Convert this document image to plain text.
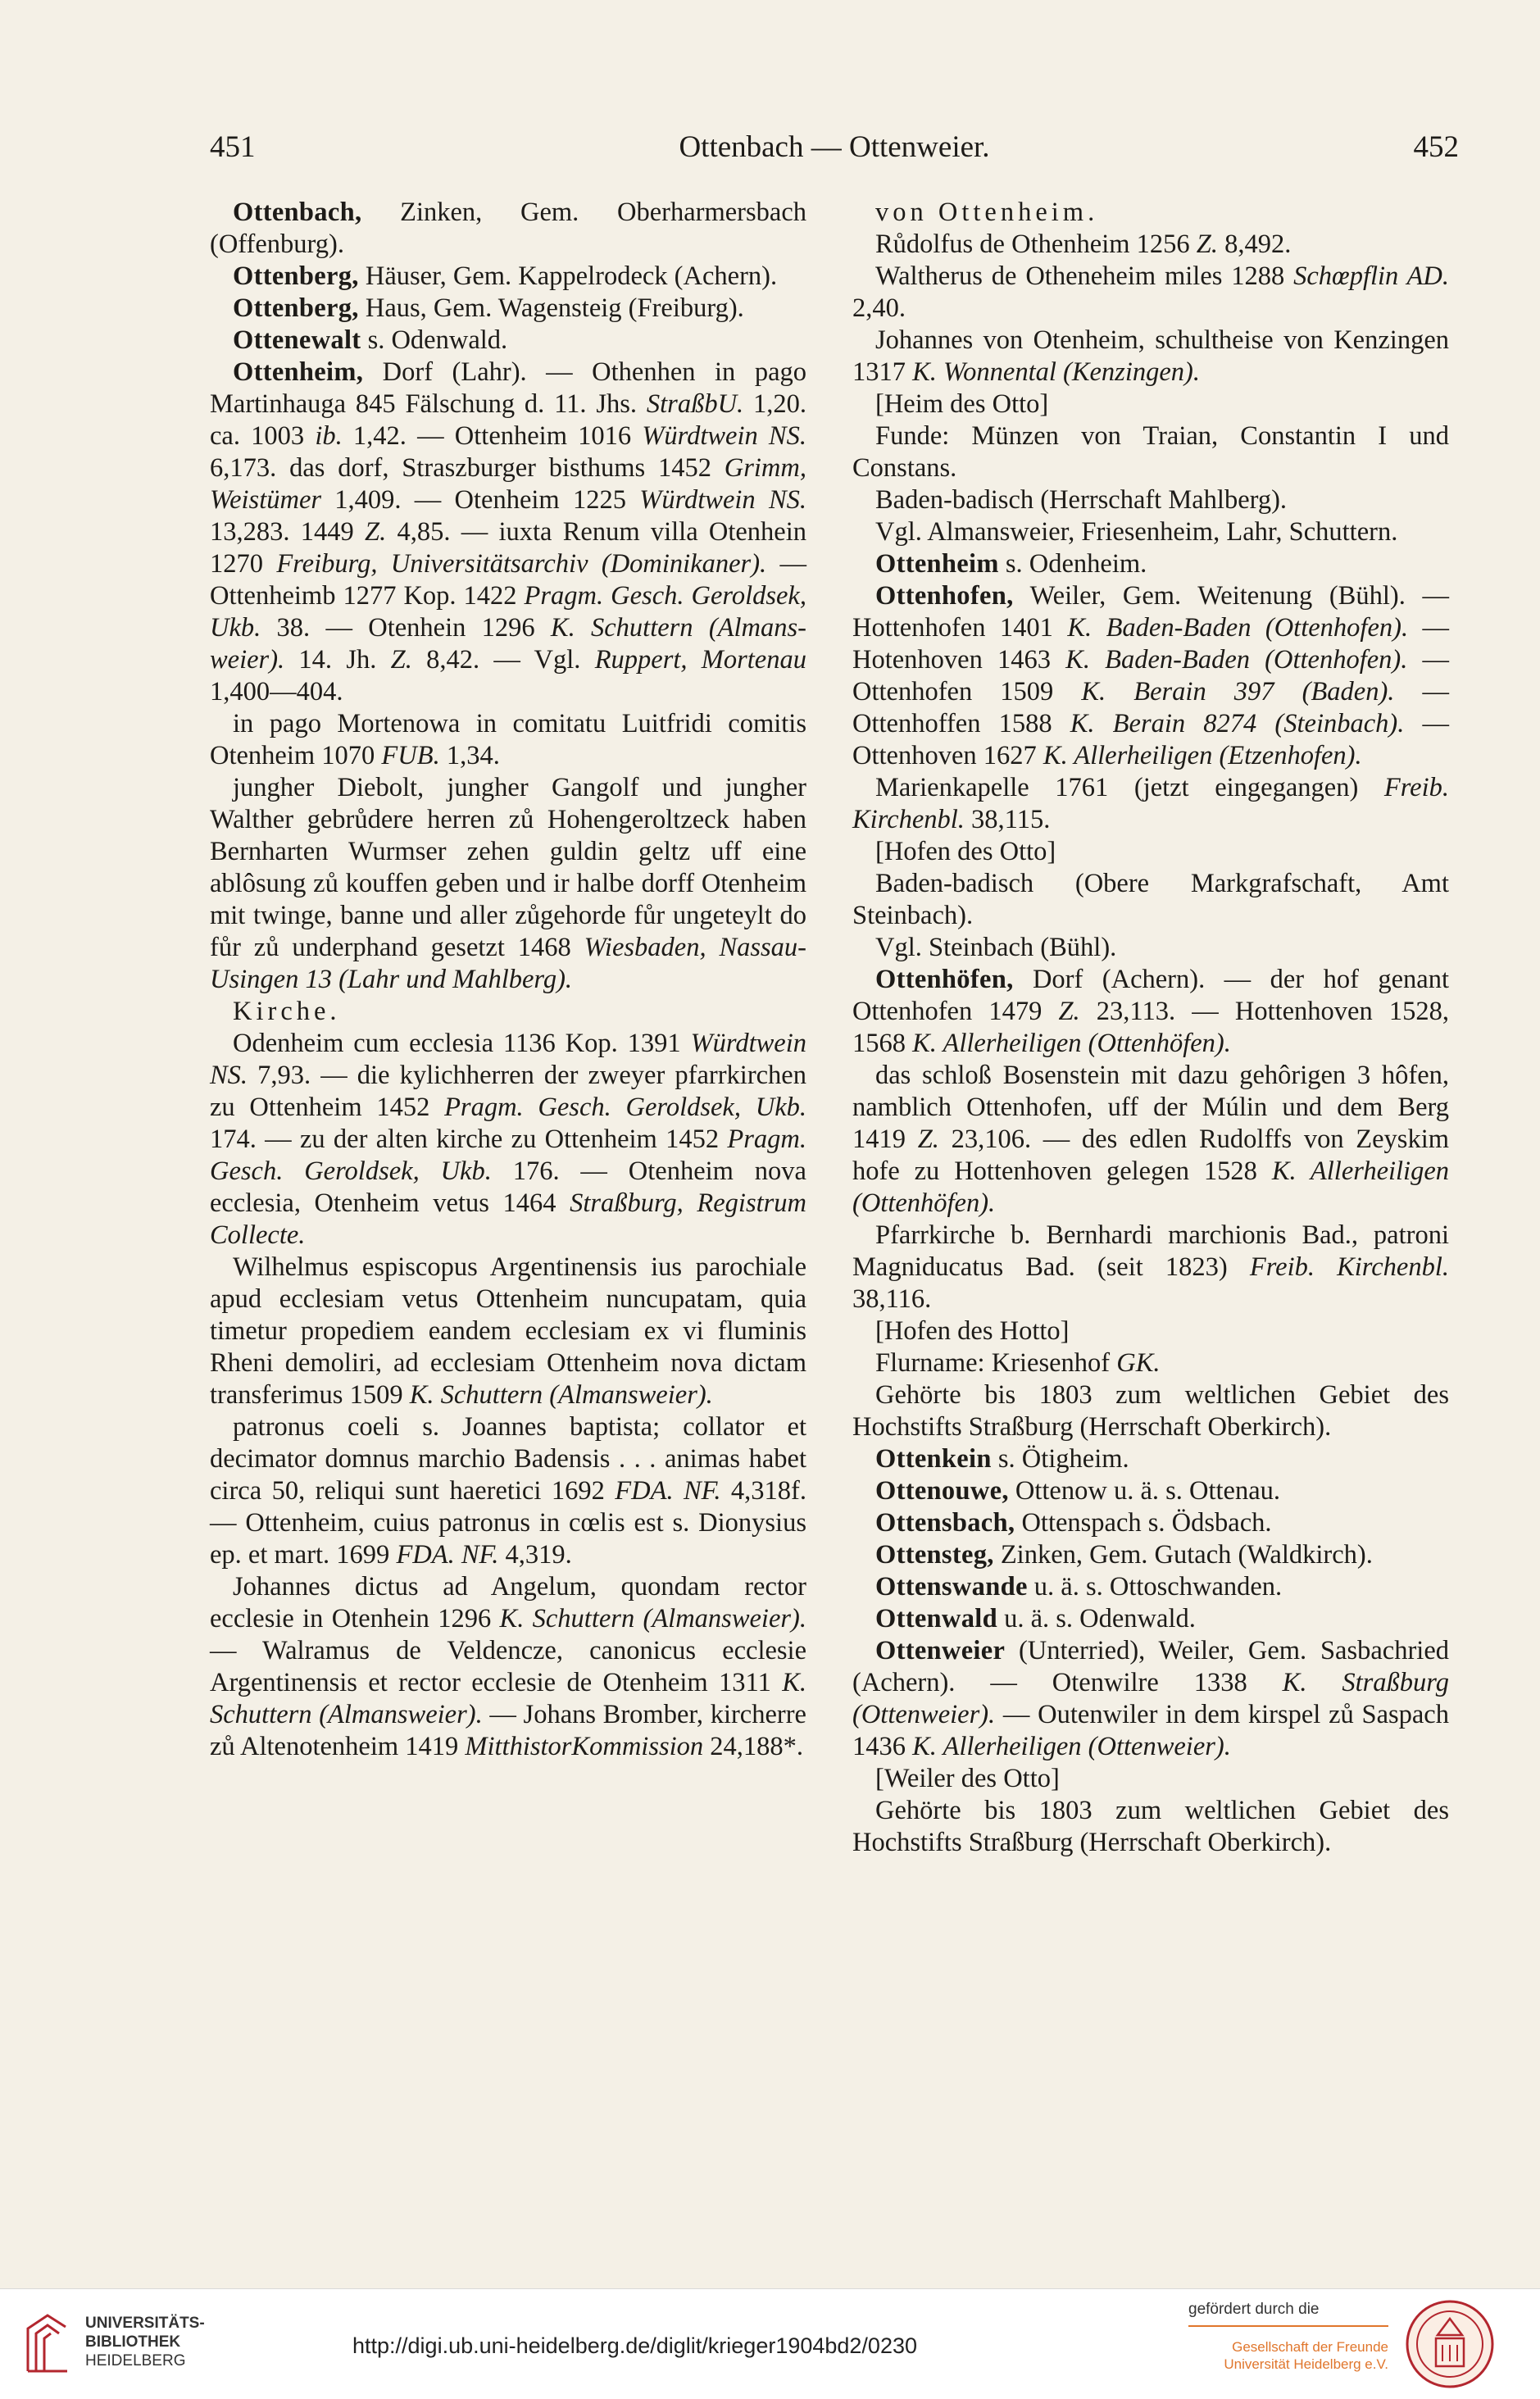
451	Ottenbach — Ottenweier.	452

Ottenbach, Zinken, Gem. Oberharmersbach (Offenburg).

Ottenberg, Häuser, Gem. Kappelrodeck (Achern).

Ottenberg, Haus, Gem. Wagensteig (Freiburg).

Ottenewalt s. Odenwald.

Ottenheim, Dorf (Lahr). — Othenhen in pago Martinhauga 845 Fälschung d. 11. Jhs. StraßbU. 1,20. ca. 1003 ib. 1,42. — Ottenheim 1016 Würdtwein NS. 6,173. das dorf, Straszburger bisthums 1452 Grimm, Weistümer 1,409. — Otenheim 1225 Würdtwein NS. 13,283. 1449 Z. 4,85. — iuxta Renum villa Otenhein 1270 Freiburg, Universitätsarchiv (Dominikaner). — Ottenheimb 1277 Kop. 1422 Pragm. Gesch. Geroldsek, Ukb. 38. — Otenhein 1296 K. Schuttern (Almansweier). 14. Jh. Z. 8,42. — Vgl. Ruppert, Mortenau 1,400—404.

in pago Mortenowa in comitatu Luitfridi comitis Otenheim 1070 FUB. 1,34.

jungher Diebolt, jungher Gangolf und jungher Walther gebrůdere herren zů Hohengeroltzeck haben Bernharten Wurmser zehen guldin geltz uff eine ablôsung zů kouffen geben und ir halbe dorff Otenheim mit twinge, banne und aller zůgehorde fůr ungeteylt do fůr zů underphand gesetzt 1468 Wiesbaden, Nassau-Usingen 13 (Lahr und Mahlberg).

Kirche.

Odenheim cum ecclesia 1136 Kop. 1391 Würdtwein NS. 7,93. — die kylichherren der zweyer pfarrkirchen zu Ottenheim 1452 Pragm. Gesch. Geroldsek, Ukb. 174. — zu der alten kirche zu Ottenheim 1452 Pragm. Gesch. Geroldsek, Ukb. 176. — Otenheim nova ecclesia, Otenheim vetus 1464 Straßburg, Registrum Collecte.

Wilhelmus espiscopus Argentinensis ius parochiale apud ecclesiam vetus Ottenheim nuncupatam, quia timetur propediem eandem ecclesiam ex vi fluminis Rheni demoliri, ad ecclesiam Ottenheim nova dictam transferimus 1509 K. Schuttern (Almansweier).

patronus coeli s. Joannes baptista; collator et decimator domnus marchio Badensis . . . animas habet circa 50, reliqui sunt haeretici 1692 FDA. NF. 4,318f. — Ottenheim, cuius patronus in cœlis est s. Dionysius ep. et mart. 1699 FDA. NF. 4,319.

Johannes dictus ad Angelum, quondam rector ecclesie in Otenhein 1296 K. Schuttern (Almansweier). — Walramus de Veldencze, canonicus ecclesie Argentinensis et rector ecclesie de Otenheim 1311 K. Schuttern (Almansweier). — Johans Bromber, kircherre zů Altenotenheim 1419 MitthistorKommission 24,188*.

von Ottenheim.

Růdolfus de Othenheim 1256 Z. 8,492.

Waltherus de Otheneheim miles 1288 Schœpflin AD. 2,40.

Johannes von Otenheim, schultheise von Kenzingen 1317 K. Wonnental (Kenzingen).

[Heim des Otto]

Funde: Münzen von Traian, Constantin I und Constans.

Baden-badisch (Herrschaft Mahlberg).

Vgl. Almansweier, Friesenheim, Lahr, Schuttern.

Ottenheim s. Odenheim.

Ottenhofen, Weiler, Gem. Weitenung (Bühl). — Hottenhofen 1401 K. Baden-Baden (Ottenhofen). — Hotenhoven 1463 K. Baden-Baden (Ottenhofen). — Ottenhofen 1509 K. Berain 397 (Baden). — Ottenhoffen 1588 K. Berain 8274 (Steinbach). — Ottenhoven 1627 K. Allerheiligen (Etzenhofen).

Marienkapelle 1761 (jetzt eingegangen) Freib. Kirchenbl. 38,115.

[Hofen des Otto]

Baden-badisch (Obere Markgrafschaft, Amt Steinbach).

Vgl. Steinbach (Bühl).

Ottenhöfen, Dorf (Achern). — der hof genant Ottenhofen 1479 Z. 23,113. — Hottenhoven 1528, 1568 K. Allerheiligen (Ottenhöfen).

das schloß Bosenstein mit dazu gehôrigen 3 hôfen, namblich Ottenhofen, uff der Múlin und dem Berg 1419 Z. 23,106. — des edlen Rudolffs von Zeyskim hofe zu Hottenhoven gelegen 1528 K. Allerheiligen (Ottenhöfen).

Pfarrkirche b. Bernhardi marchionis Bad., patroni Magniducatus Bad. (seit 1823) Freib. Kirchenbl. 38,116.

[Hofen des Hotto]

Flurname: Kriesenhof GK.

Gehörte bis 1803 zum weltlichen Gebiet des Hochstifts Straßburg (Herrschaft Oberkirch).

Ottenkein s. Ötigheim.

Ottenouwe, Ottenow u. ä. s. Ottenau.

Ottensbach, Ottenspach s. Ödsbach.

Ottensteg, Zinken, Gem. Gutach (Waldkirch).

Ottenswande u. ä. s. Ottoschwanden.

Ottenwald u. ä. s. Odenwald.

Ottenweier (Unterried), Weiler, Gem. Sasbachried (Achern). — Otenwilre 1338 K. Straßburg (Ottenweier). — Outenwiler in dem kirspel zů Saspach 1436 K. Allerheiligen (Ottenweier).

[Weiler des Otto]

Gehörte bis 1803 zum weltlichen Gebiet des Hochstifts Straßburg (Herrschaft Oberkirch).

UNIVERSITÄTS-
BIBLIOTHEK
HEIDELBERG
http://digi.ub.uni-heidelberg.de/diglit/krieger1904bd2/0230
gefördert durch die
Gesellschaft der Freunde
Universität Heidelberg e.V.
